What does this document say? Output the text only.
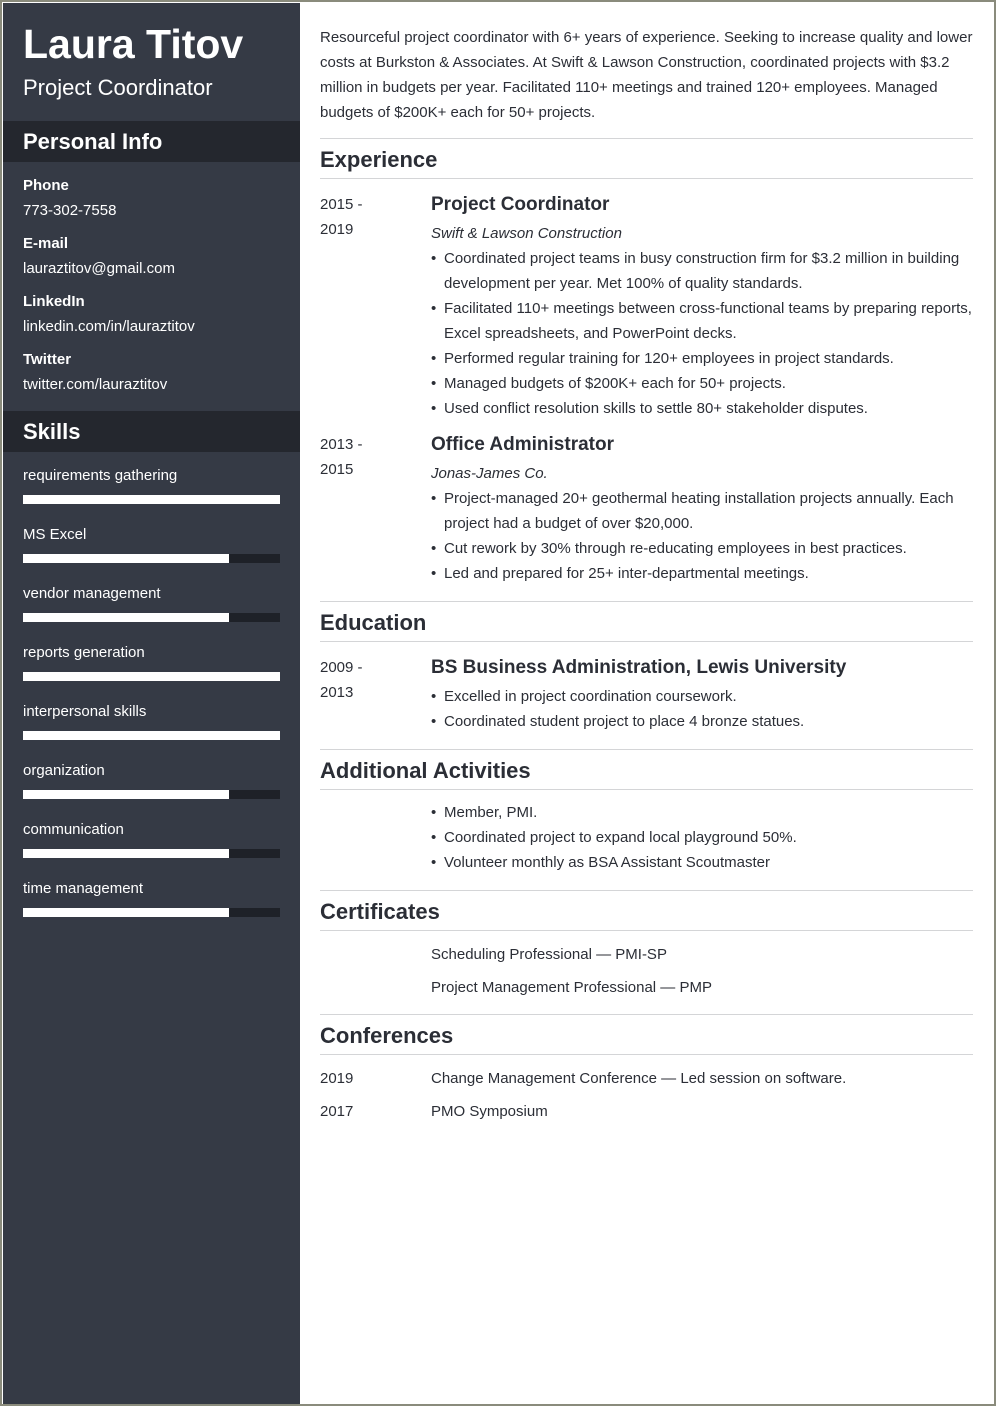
Laura Titov
Project Coordinator
Personal Info
Phone
773-302-7558
E-mail
lauraztitov@gmail.com
LinkedIn
linkedin.com/in/lauraztitov
Twitter
twitter.com/lauraztitov
Skills
requirements gathering
MS Excel
vendor management
reports generation
interpersonal skills
organization
communication
time management
Resourceful project coordinator with 6+ years of experience. Seeking to increase quality and lower costs at Burkston & Associates. At Swift & Lawson Construction, coordinated projects with $3.2 million in budgets per year. Facilitated 110+ meetings and trained 120+ employees. Managed budgets of $200K+ each for 50+ projects.
Experience
2015 -
2019
Project Coordinator
Swift & Lawson Construction
• Coordinated project teams in busy construction firm for $3.2 million in building development per year. Met 100% of quality standards.
• Facilitated 110+ meetings between cross-functional teams by preparing reports, Excel spreadsheets, and PowerPoint decks.
• Performed regular training for 120+ employees in project standards.
• Managed budgets of $200K+ each for 50+ projects.
• Used conflict resolution skills to settle 80+ stakeholder disputes.
2013 -
2015
Office Administrator
Jonas-James Co.
• Project-managed 20+ geothermal heating installation projects annually. Each project had a budget of over $20,000.
• Cut rework by 30% through re-educating employees in best practices.
• Led and prepared for 25+ inter-departmental meetings.
Education
2009 -
2013
BS Business Administration, Lewis University
• Excelled in project coordination coursework.
• Coordinated student project to place 4 bronze statues.
Additional Activities
• Member, PMI.
• Coordinated project to expand local playground 50%.
• Volunteer monthly as BSA Assistant Scoutmaster
Certificates
Scheduling Professional — PMI-SP
Project Management Professional — PMP
Conferences
2019	Change Management Conference — Led session on software.
2017	PMO Symposium
